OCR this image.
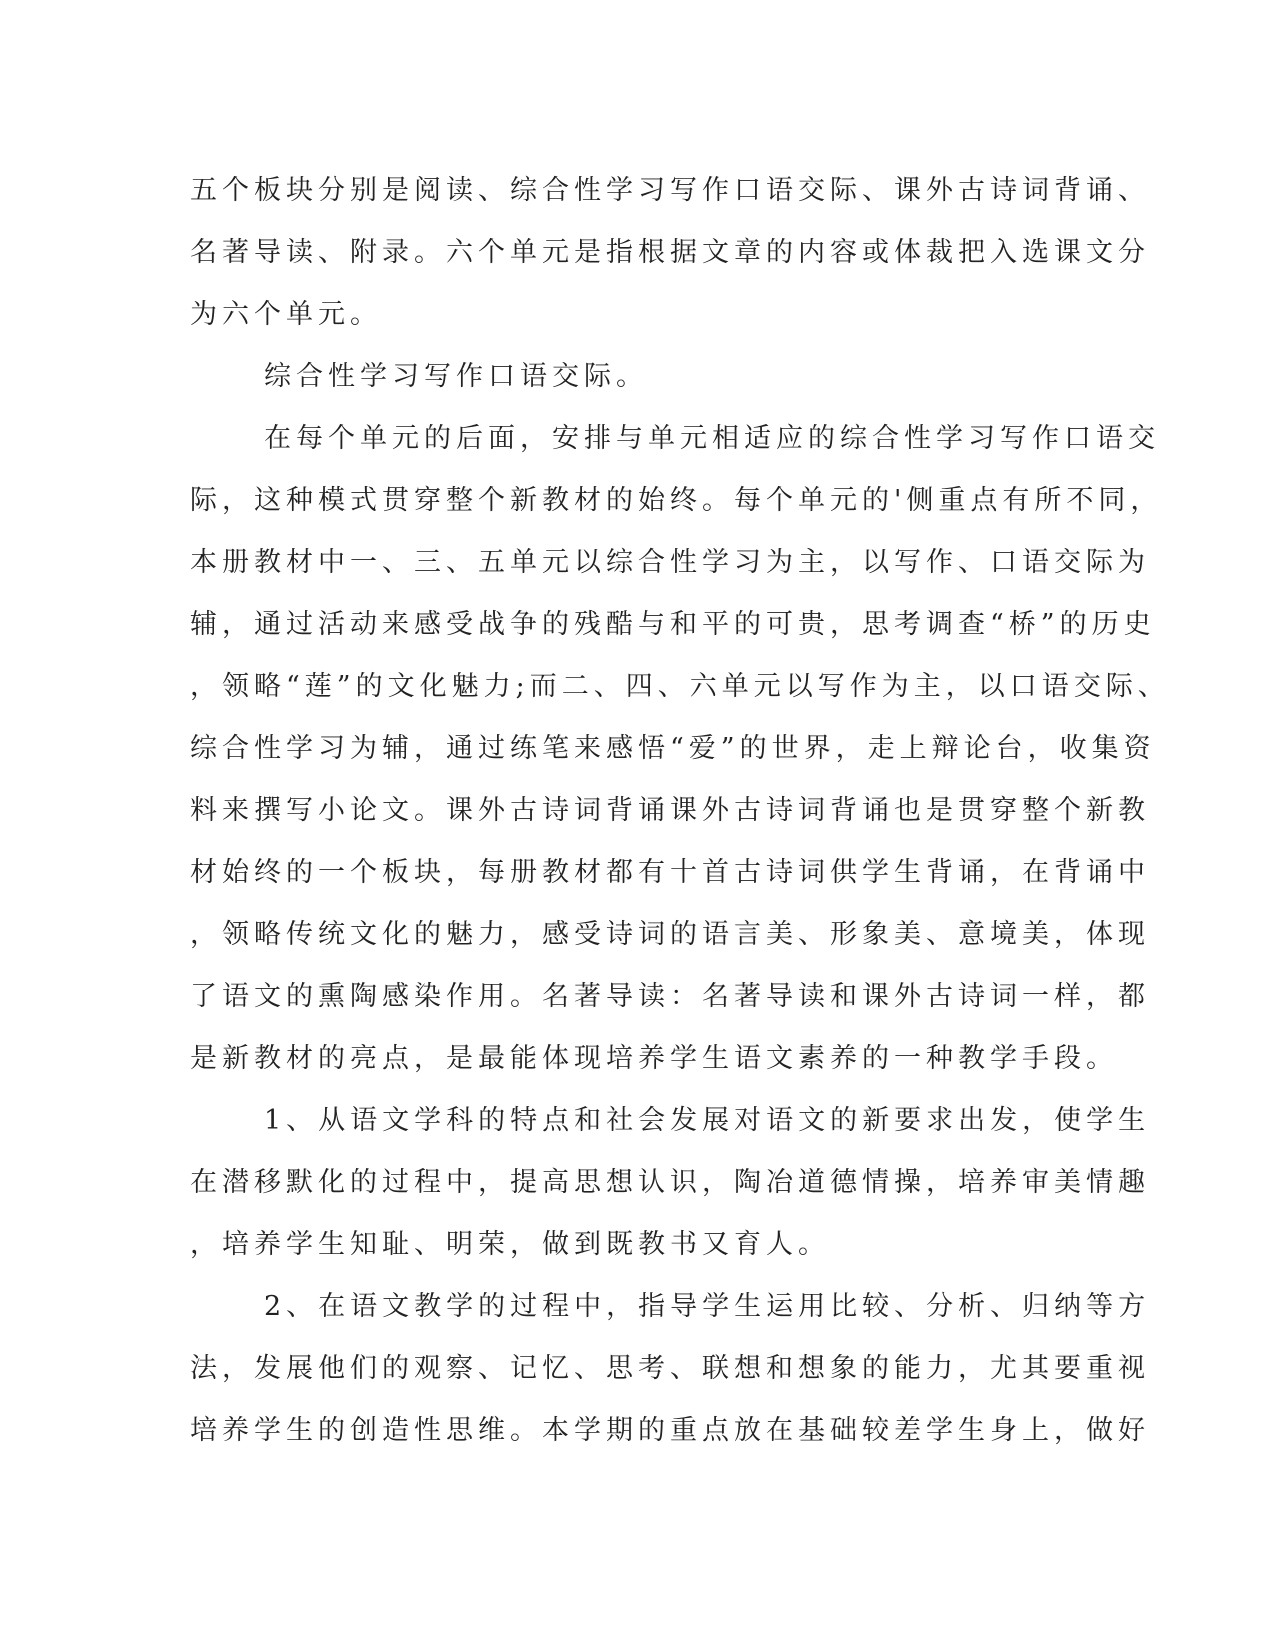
五个板块分别是阅读、综合性学习写作口语交际、课外古诗词背诵、
名著导读、附录。六个单元是指根据文章的内容或体裁把入选课文分
为六个单元。

综合性学习写作口语交际。

在每个单元的后面，安排与单元相适应的综合性学习写作口语交
际，这种模式贯穿整个新教材的始终。每个单元的'侧重点有所不同，
本册教材中一、三、五单元以综合性学习为主，以写作、口语交际为
辅，通过活动来感受战争的残酷与和平的可贵，思考调查“桥”的历史
，领略“莲”的文化魅力;而二、四、六单元以写作为主，以口语交际、
综合性学习为辅，通过练笔来感悟“爱”的世界，走上辩论台，收集资
料来撰写小论文。课外古诗词背诵课外古诗词背诵也是贯穿整个新教
材始终的一个板块，每册教材都有十首古诗词供学生背诵，在背诵中
，领略传统文化的魅力，感受诗词的语言美、形象美、意境美，体现
了语文的熏陶感染作用。名著导读：名著导读和课外古诗词一样，都
是新教材的亮点，是最能体现培养学生语文素养的一种教学手段。

1、从语文学科的特点和社会发展对语文的新要求出发，使学生
在潜移默化的过程中，提高思想认识，陶冶道德情操，培养审美情趣
，培养学生知耻、明荣，做到既教书又育人。

2、在语文教学的过程中，指导学生运用比较、分析、归纳等方
法，发展他们的观察、记忆、思考、联想和想象的能力，尤其要重视
培养学生的创造性思维。本学期的重点放在基础较差学生身上，做好
